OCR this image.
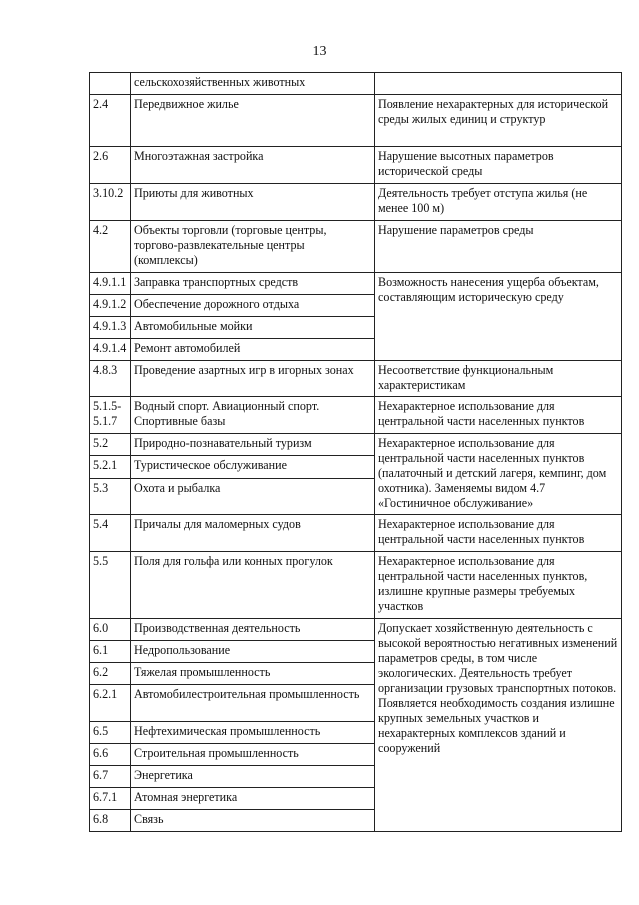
13
	сельскохозяйственных животных	
2.4	Передвижное жилье	Появление нехарактерных для исторической среды жилых единиц и структур
2.6	Многоэтажная застройка	Нарушение высотных параметров исторической среды
3.10.2	Приюты для животных	Деятельность требует отступа жилья (не менее 100 м)
4.2	Объекты торговли (торговые центры, торгово-развлекательные центры (комплексы)	Нарушение параметров среды
4.9.1.1	Заправка транспортных средств	Возможность нанесения ущерба объектам, составляющим историческую среду
4.9.1.2	Обеспечение дорожного отдыха	
4.9.1.3	Автомобильные мойки	
4.9.1.4	Ремонт автомобилей	
4.8.3	Проведение азартных игр в игорных зонах	Несоответствие функциональным характеристикам
5.1.5-5.1.7	Водный спорт. Авиационный спорт. Спортивные базы	Нехарактерное использование для центральной части населенных пунктов
5.2	Природно-познавательный туризм	Нехарактерное использование для центральной части населенных пунктов (палаточный и детский лагеря, кемпинг, дом охотника). Заменяемы видом 4.7 «Гостиничное обслуживание»
5.2.1	Туристическое обслуживание	
5.3	Охота и рыбалка	
5.4	Причалы для маломерных судов	Нехарактерное использование для центральной части населенных пунктов
5.5	Поля для гольфа или конных прогулок	Нехарактерное использование для центральной части населенных пунктов, излишне крупные размеры требуемых участков
6.0	Производственная деятельность	Допускает хозяйственную деятельность с высокой вероятностью негативных изменений параметров среды, в том числе экологических. Деятельность требует организации грузовых транспортных потоков. Появляется необходимость создания излишне крупных земельных участков и нехарактерных комплексов зданий и сооружений
6.1	Недропользование	
6.2	Тяжелая промышленность	
6.2.1	Автомобилестроительная промышленность	
6.5	Нефтехимическая промышленность	
6.6	Строительная промышленность	
6.7	Энергетика	
6.7.1	Атомная энергетика	
6.8	Связь	
